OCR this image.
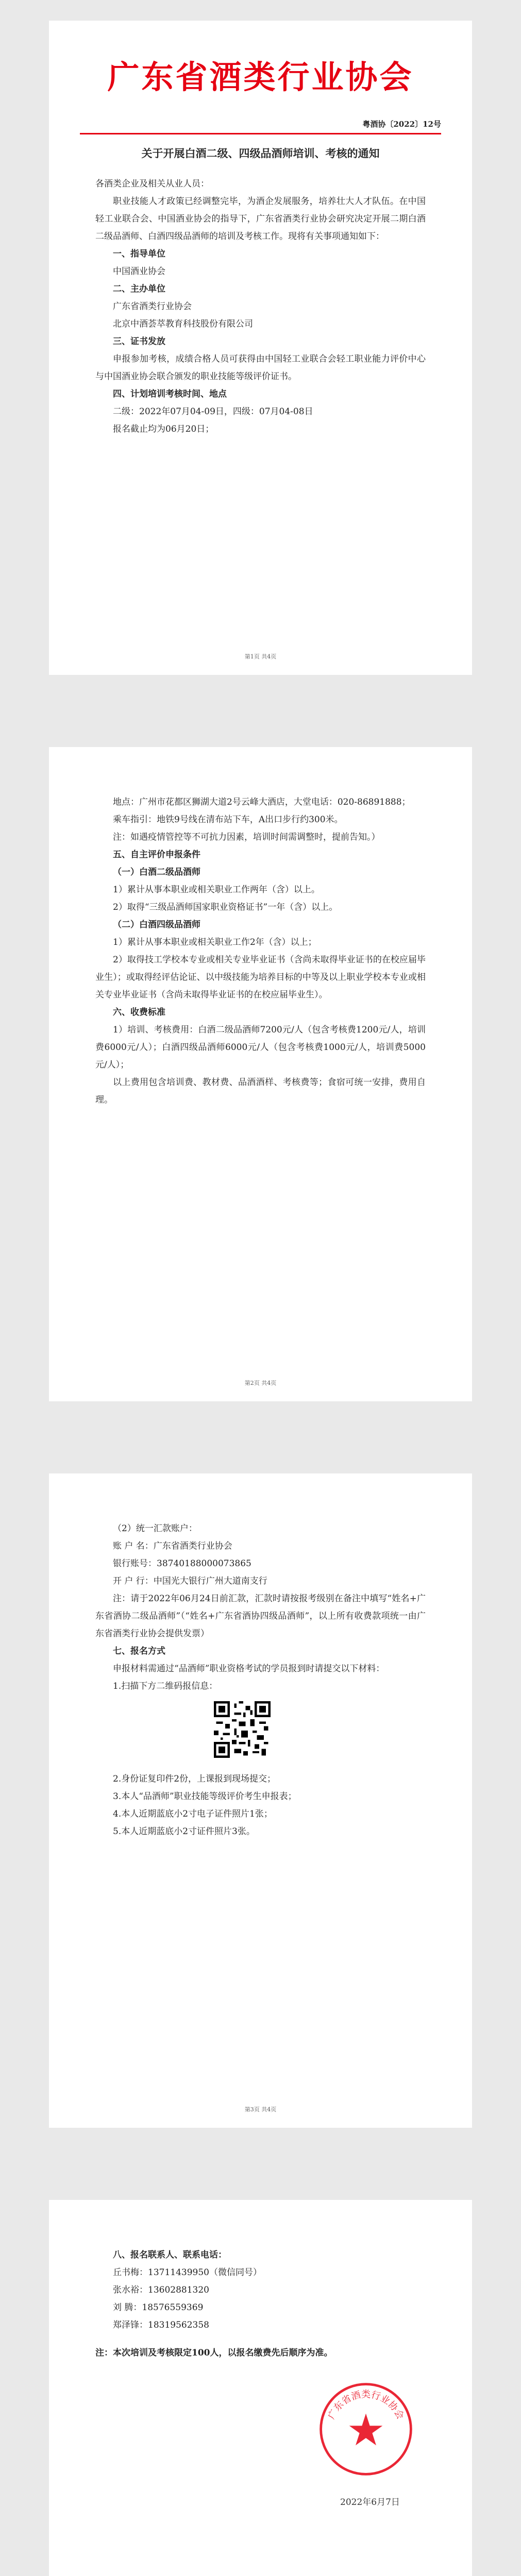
广东省酒类行业协会
粤酒协〔2022〕12号
关于开展白酒二级、四级品酒师培训、考核的通知

各酒类企业及相关从业人员：

职业技能人才政策已经调整完毕，为酒企发展服务，培养壮大人才队伍。在中国轻工业联合会、中国酒业协会的指导下，广东省酒类行业协会研究决定开展二期白酒二级品酒师、白酒四级品酒师的培训及考核工作。现将有关事项通知如下：

一、指导单位

中国酒业协会

二、主办单位

广东省酒类行业协会

北京中酒荟萃教育科技股份有限公司

三、证书发放

申报参加考核，成绩合格人员可获得由中国轻工业联合会轻工职业能力评价中心与中国酒业协会联合颁发的职业技能等级评价证书。

四、计划培训考核时间、地点

二级：2022年07月04-09日，四级：07月04-08日

报名截止均为06月20日；

第1页 共4页

地点：广州市花都区狮湖大道2号云峰大酒店，大堂电话：020-86891888；

乘车指引：地铁9号线在清布站下车，A出口步行约300米。

注：如遇疫情管控等不可抗力因素，培训时间需调整时，提前告知。）

五、自主评价申报条件

（一）白酒二级品酒师

1）累计从事本职业或相关职业工作两年（含）以上。

2）取得“三级品酒师国家职业资格证书”一年（含）以上。

（二）白酒四级品酒师

1）累计从事本职业或相关职业工作2年（含）以上；

2）取得技工学校本专业或相关专业毕业证书（含尚未取得毕业证书的在校应届毕业生）；或取得经评估论证、以中级技能为培养目标的中等及以上职业学校本专业或相关专业毕业证书（含尚未取得毕业证书的在校应届毕业生）。

六、收费标准

1）培训、考核费用：白酒二级品酒师7200元/人（包含考核费1200元/人，培训费6000元/人）；白酒四级品酒师6000元/人（包含考核费1000元/人，培训费5000元/人）；

以上费用包含培训费、教材费、品酒酒样、考核费等；食宿可统一安排，费用自理。

第2页 共4页

（2）统一汇款账户：

账 户 名：广东省酒类行业协会

银行账号：38740188000073865

开 户 行：中国光大银行广州大道南支行

注：请于2022年06月24日前汇款，汇款时请按报考级别在备注中填写“姓名+广东省酒协二级品酒师”（“姓名+广东省酒协四级品酒师”，以上所有收费款项统一由广东省酒类行业协会提供发票）

七、报名方式

申报材料需通过“品酒师”职业资格考试的学员报到时请提交以下材料：

1.扫描下方二维码报信息：

2.身份证复印件2份，上课报到现场提交；

3.本人“品酒师”职业技能等级评价考生申报表；

4.本人近期蓝底小2寸电子证件照片1张；

5.本人近期蓝底小2寸证件照片3张。

第3页 共4页

八、报名联系人、联系电话：

丘书梅：13711439950（微信同号）

张水裕：13602881320

刘 腾：18576559369

郑泽锋：18319562358

注：本次培训及考核限定100人，以报名缴费先后顺序为准。

广东省酒类行业协会
2022年6月7日
